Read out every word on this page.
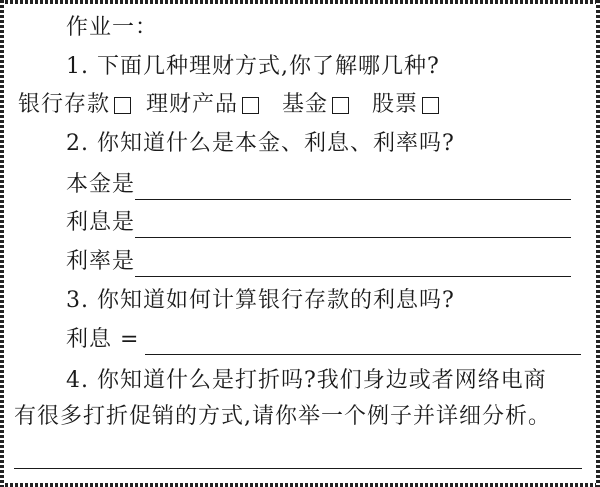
作业一：
1. 下面几种理财方式,你了解哪几种?
银行存款 理财产品 基金 股票
2. 你知道什么是本金、利息、利率吗?
本金是
利息是
利率是
3. 你知道如何计算银行存款的利息吗?
利息 =
4. 你知道什么是打折吗?我们身边或者网络电商
有很多打折促销的方式,请你举一个例子并详细分析。
